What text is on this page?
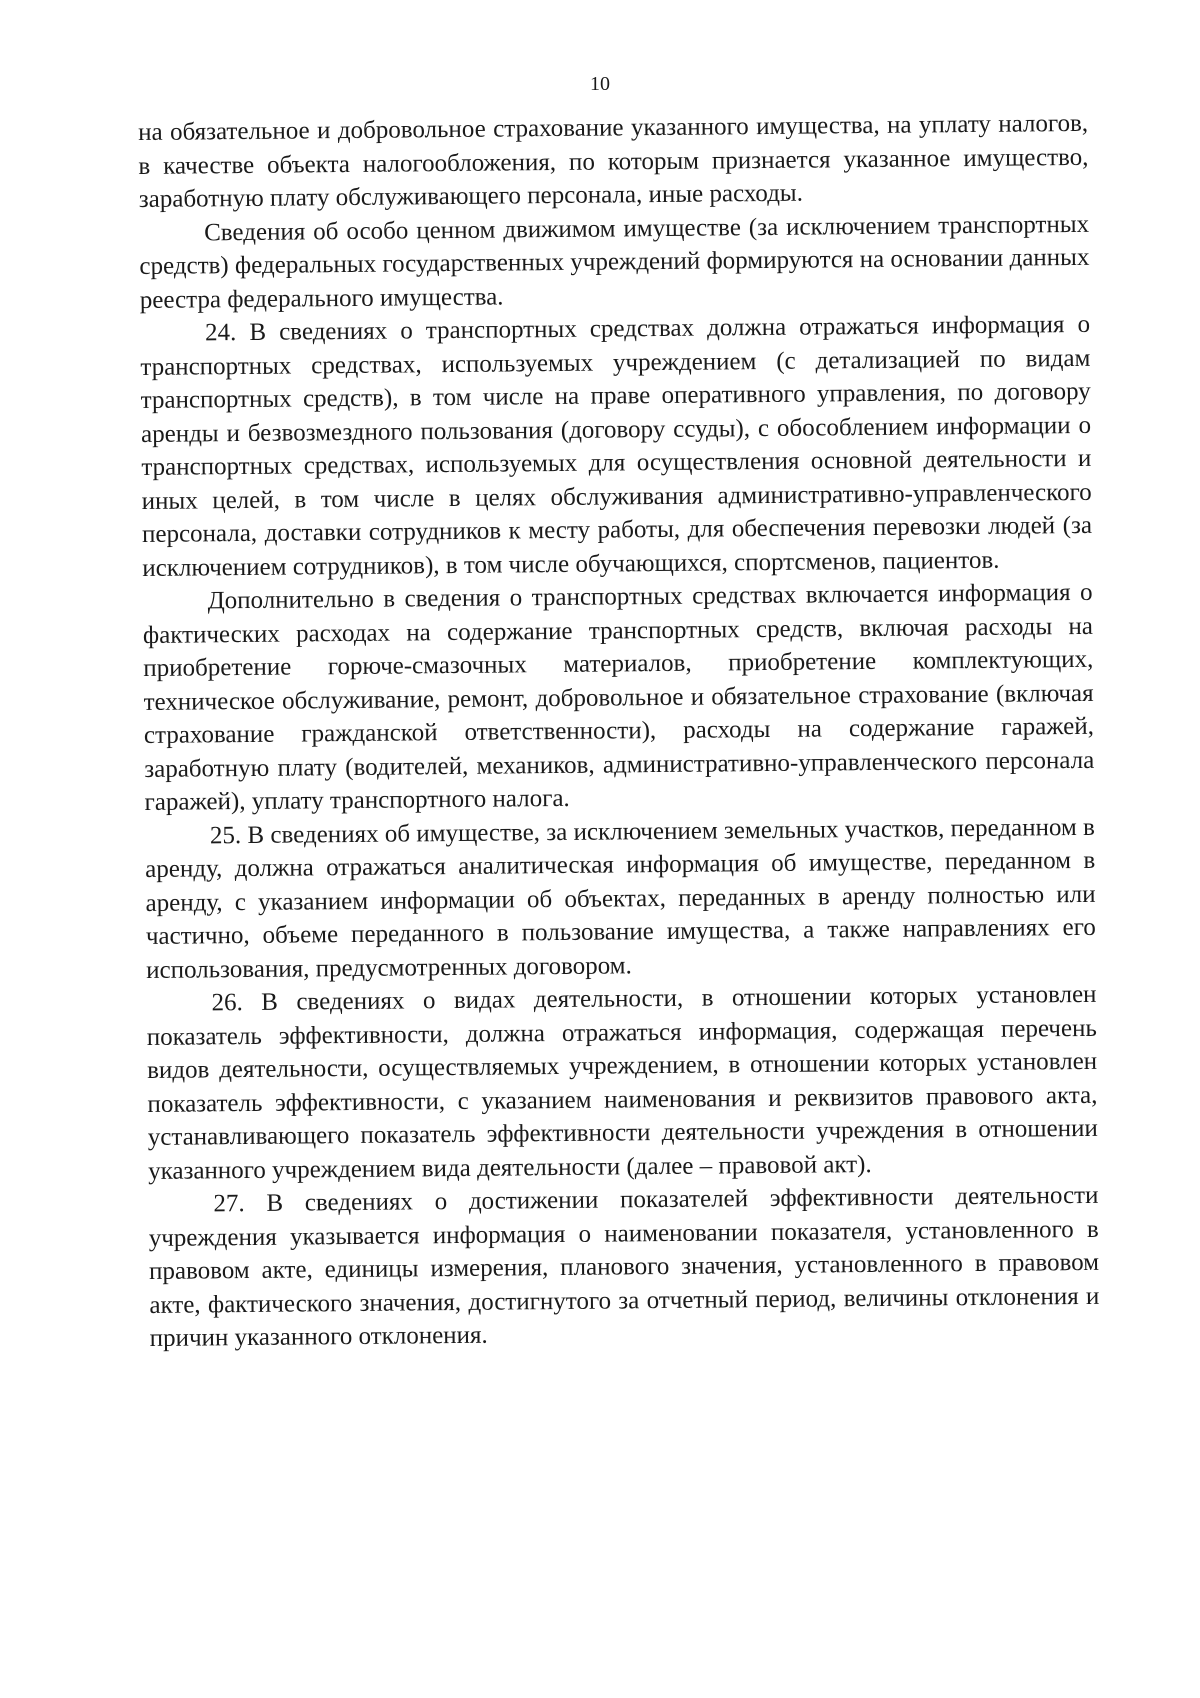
10

на обязательное и добровольное страхование указанного имущества, на уплату налогов, в качестве объекта налогообложения, по которым признается указанное имущество, заработную плату обслуживающего персонала, иные расходы.

Сведения об особо ценном движимом имуществе (за исключением транспортных средств) федеральных государственных учреждений формируются на основании данных реестра федерального имущества.

24. В сведениях о транспортных средствах должна отражаться информация о транспортных средствах, используемых учреждением (с детализацией по видам транспортных средств), в том числе на праве оперативного управления, по договору аренды и безвозмездного пользования (договору ссуды), с обособлением информации о транспортных средствах, используемых для осуществления основной деятельности и иных целей, в том числе в целях обслуживания административно-управленческого персонала, доставки сотрудников к месту работы, для обеспечения перевозки людей (за исключением сотрудников), в том числе обучающихся, спортсменов, пациентов.

Дополнительно в сведения о транспортных средствах включается информация о фактических расходах на содержание транспортных средств, включая расходы на приобретение горюче-смазочных материалов, приобретение комплектующих, техническое обслуживание, ремонт, добровольное и обязательное страхование (включая страхование гражданской ответственности), расходы на содержание гаражей, заработную плату (водителей, механиков, административно-управленческого персонала гаражей), уплату транспортного налога.

25. В сведениях об имуществе, за исключением земельных участков, переданном в аренду, должна отражаться аналитическая информация об имуществе, переданном в аренду, с указанием информации об объектах, переданных в аренду полностью или частично, объеме переданного в пользование имущества, а также направлениях его использования, предусмотренных договором.

26. В сведениях о видах деятельности, в отношении которых установлен показатель эффективности, должна отражаться информация, содержащая перечень видов деятельности, осуществляемых учреждением, в отношении которых установлен показатель эффективности, с указанием наименования и реквизитов правового акта, устанавливающего показатель эффективности деятельности учреждения в отношении указанного учреждением вида деятельности (далее – правовой акт).

27. В сведениях о достижении показателей эффективности деятельности учреждения указывается информация о наименовании показателя, установленного в правовом акте, единицы измерения, планового значения, установленного в правовом акте, фактического значения, достигнутого за отчетный период, величины отклонения и причин указанного отклонения.
